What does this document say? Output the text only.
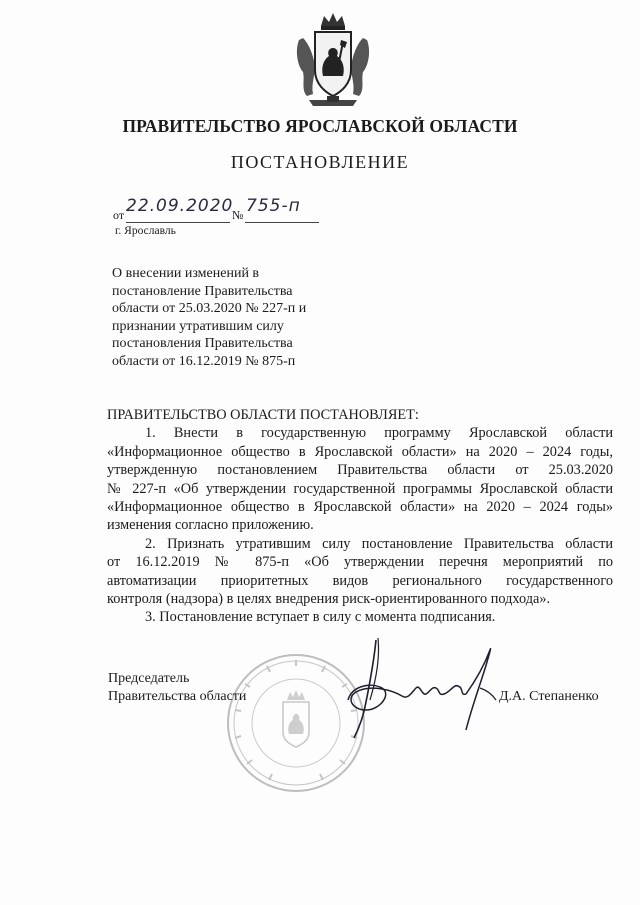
ПРАВИТЕЛЬСТВО ЯРОСЛАВСКОЙ ОБЛАСТИ
ПОСТАНОВЛЕНИЕ
от 22.09.2020
№ 755-п
г. Ярославль
О внесении изменений в
постановление Правительства
области от 25.03.2020 № 227-п и
признании утратившим силу
постановления Правительства
области от 16.12.2019 № 875-п
ПРАВИТЕЛЬСТВО ОБЛАСТИ ПОСТАНОВЛЯЕТ:
1. Внести в государственную программу Ярославской области
«Информационное общество в Ярославской области» на 2020 – 2024 годы,
утвержденную постановлением Правительства области от 25.03.2020
№ 227-п «Об утверждении государственной программы Ярославской области
«Информационное общество в Ярославской области» на 2020 – 2024 годы»
изменения согласно приложению.
2. Признать утратившим силу постановление Правительства области
от 16.12.2019 № 875-п «Об утверждении перечня мероприятий по
автоматизации приоритетных видов регионального государственного
контроля (надзора) в целях внедрения риск-ориентированного подхода».
3. Постановление вступает в силу с момента подписания.
Председатель
Правительства области	Д.А. Степаненко
